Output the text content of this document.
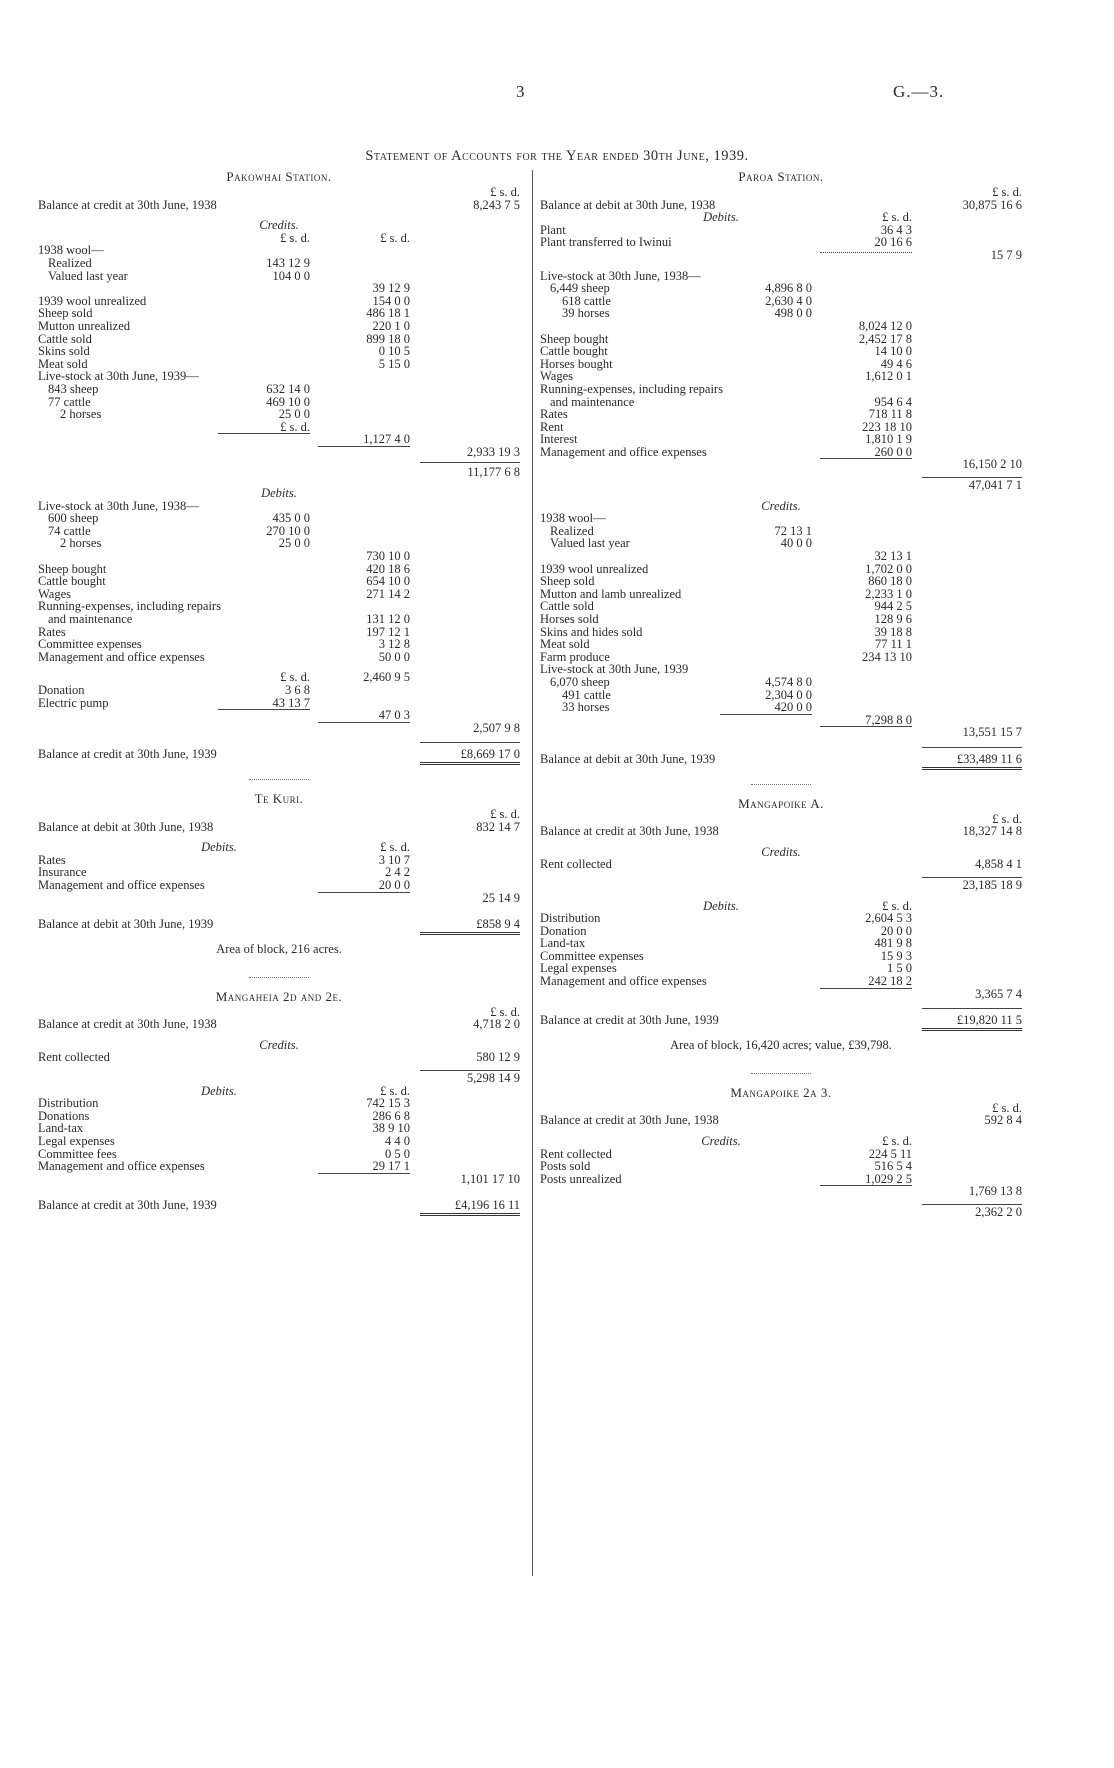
3	G.—3.
Statement of Accounts for the Year ended 30th June, 1939.
Pakowhai Station.
£ s. d.
Balance at credit at 30th June, 1938	8,243 7 5
Credits.
£ s. d.	£ s. d.
1938 wool—
Realized	143 12 9
Valued last year	104 0 0
39 12 9
1939 wool unrealized	154 0 0
Sheep sold	486 18 1
Mutton unrealized	220 1 0
Cattle sold	899 18 0
Skins sold	0 10 5
Meat sold	5 15 0
Live-stock at 30th June, 1939—
843 sheep	632 14 0
77 cattle	469 10 0
2 horses	25 0 0
£ s. d.
1,127 4 0
2,933 19 3
11,177 6 8
Debits.
Live-stock at 30th June, 1938—
600 sheep	435 0 0
74 cattle	270 10 0
2 horses	25 0 0
730 10 0
Sheep bought	420 18 6
Cattle bought	654 10 0
Wages	271 14 2
Running-expenses, including repairs
and maintenance	131 12 0
Rates	197 12 1
Committee expenses	3 12 8
Management and office expenses	50 0 0
£ s. d.	2,460 9 5
Donation	3 6 8
Electric pump	43 13 7
47 0 3
2,507 9 8
Balance at credit at 30th June, 1939	£8,669 17 0
Te Kuri.
£ s. d.
Balance at debit at 30th June, 1938	832 14 7
Debits.	£ s. d.
Rates	3 10 7
Insurance	2 4 2
Management and office expenses	20 0 0
25 14 9
Balance at debit at 30th June, 1939	£858 9 4
Area of block, 216 acres.
Mangaheia 2d and 2e.
£ s. d.
Balance at credit at 30th June, 1938	4,718 2 0
Credits.
Rent collected	580 12 9
5,298 14 9
Debits.	£ s. d.
Distribution	742 15 3
Donations	286 6 8
Land-tax	38 9 10
Legal expenses	4 4 0
Committee fees	0 5 0
Management and office expenses	29 17 1
1,101 17 10
Balance at credit at 30th June, 1939	£4,196 16 11
Paroa Station.
£ s. d.
Balance at debit at 30th June, 1938	30,875 16 6
Debits.	£ s. d.
Plant	36 4 3
Plant transferred to Iwinui	20 16 6
15 7 9
Live-stock at 30th June, 1938—
6,449 sheep	4,896 8 0
618 cattle	2,630 4 0
39 horses	498 0 0
8,024 12 0
Sheep bought	2,452 17 8
Cattle bought	14 10 0
Horses bought	49 4 6
Wages	1,612 0 1
Running-expenses, including repairs
and maintenance	954 6 4
Rates	718 11 8
Rent	223 18 10
Interest	1,810 1 9
Management and office expenses	260 0 0
16,150 2 10
47,041 7 1
Credits.
1938 wool—
Realized	72 13 1
Valued last year	40 0 0
32 13 1
1939 wool unrealized	1,702 0 0
Sheep sold	860 18 0
Mutton and lamb unrealized	2,233 1 0
Cattle sold	944 2 5
Horses sold	128 9 6
Skins and hides sold	39 18 8
Meat sold	77 11 1
Farm produce	234 13 10
Live-stock at 30th June, 1939
6,070 sheep	4,574 8 0
491 cattle	2,304 0 0
33 horses	420 0 0
7,298 8 0
13,551 15 7
Balance at debit at 30th June, 1939	£33,489 11 6
Mangapoike A.
£ s. d.
Balance at credit at 30th June, 1938	18,327 14 8
Credits.
Rent collected	4,858 4 1
23,185 18 9
Debits.	£ s. d.
Distribution	2,604 5 3
Donation	20 0 0
Land-tax	481 9 8
Committee expenses	15 9 3
Legal expenses	1 5 0
Management and office expenses	242 18 2
3,365 7 4
Balance at credit at 30th June, 1939	£19,820 11 5
Area of block, 16,420 acres; value, £39,798.
Mangapoike 2a 3.
£ s. d.
Balance at credit at 30th June, 1938	592 8 4
Credits.	£ s. d.
Rent collected	224 5 11
Posts sold	516 5 4
Posts unrealized	1,029 2 5
1,769 13 8
2,362 2 0
